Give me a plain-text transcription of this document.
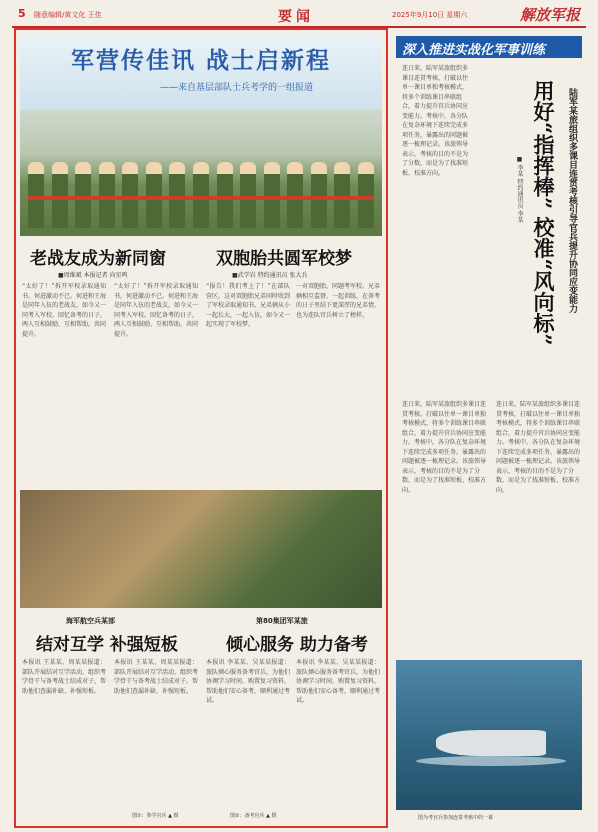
5 随意编辑/黄文化 王佳	要闻	2025年9月10日 星期六	解放军报
军营传佳讯 战士启新程
——来自基层部队士兵考学的一组报道
老战友成为新同窗
■周维斌 本报记者 向星鸣
双胞胎共圆军校梦
■武学岩 特约通讯员 张大兵
“太好了！”拆开军校录取通知书，何进激动不已。何进和王海是同年入伍的老战友，如今又一同考入军校。回忆备考的日子，两人互相鼓励、互相帮助，共同提升。
“太好了！”拆开军校录取通知书，何进激动不已。何进和王海是同年入伍的老战友，如今又一同考入军校。回忆备考的日子，两人互相鼓励、互相帮助，共同提升。
“报告！我们考上了！”在部队营区，这对双胞胎兄弟同时收到了军校录取通知书。兄弟俩从小一起长大，一起入伍，如今又一起实现了军校梦。
一对双胞胎，同题考军校。兄弟俩相互监督、一起训练，在备考的日子里结下更深厚的兄弟情，也为连队官兵树立了榜样。
海军航空兵某部	第80集团军某旅
结对互学 补强短板	倾心服务 助力备考
本报讯 王某某、周某某报道：部队开展结对互学活动，组织考学骨干与备考战士结成对子，帮助他们查漏补缺、补强短板。
本报讯 王某某、周某某报道：部队开展结对互学活动，组织考学骨干与备考战士结成对子，帮助他们查漏补缺、补强短板。
本报讯 李某某、吴某某报道：旅队倾心服务备考官兵，为他们协调学习时间、购置复习资料，帮助他们安心备考，顺利通过考试。
本报讯 李某某、吴某某报道：旅队倾心服务备考官兵，为他们协调学习时间、购置复习资料，帮助他们安心备考，顺利通过考试。
图①：参学官兵 ▲ 摄	图②：备考官兵 ▲ 摄
深入推进实战化军事训练
陆军某旅组织多课目连贯考核引导官兵提升协同应变能力
用好“指挥棒” 校准“风向标”
■ 李某 特约通讯员 李某
连日来，陆军某旅组织多课目连贯考核，打破以往单一课目单独考核模式，将多个训练课目串联组合，着力提升官兵协同应变能力。考核中，各分队在复杂环境下连续完成多项任务，暴露出的问题被逐一梳理记录。该旅领导表示，考核的目的不是为了分数，而是为了找准短板、校准方向。
连日来，陆军某旅组织多课目连贯考核，打破以往单一课目单独考核模式，将多个训练课目串联组合，着力提升官兵协同应变能力。考核中，各分队在复杂环境下连续完成多项任务，暴露出的问题被逐一梳理记录。该旅领导表示，考核的目的不是为了分数，而是为了找准短板、校准方向。
连日来，陆军某旅组织多课目连贯考核，打破以往单一课目单独考核模式，将多个训练课目串联组合，着力提升官兵协同应变能力。考核中，各分队在复杂环境下连续完成多项任务，暴露出的问题被逐一梳理记录。该旅领导表示，考核的目的不是为了分数，而是为了找准短板、校准方向。
图为考官兵参加连贯考核中的一幕
